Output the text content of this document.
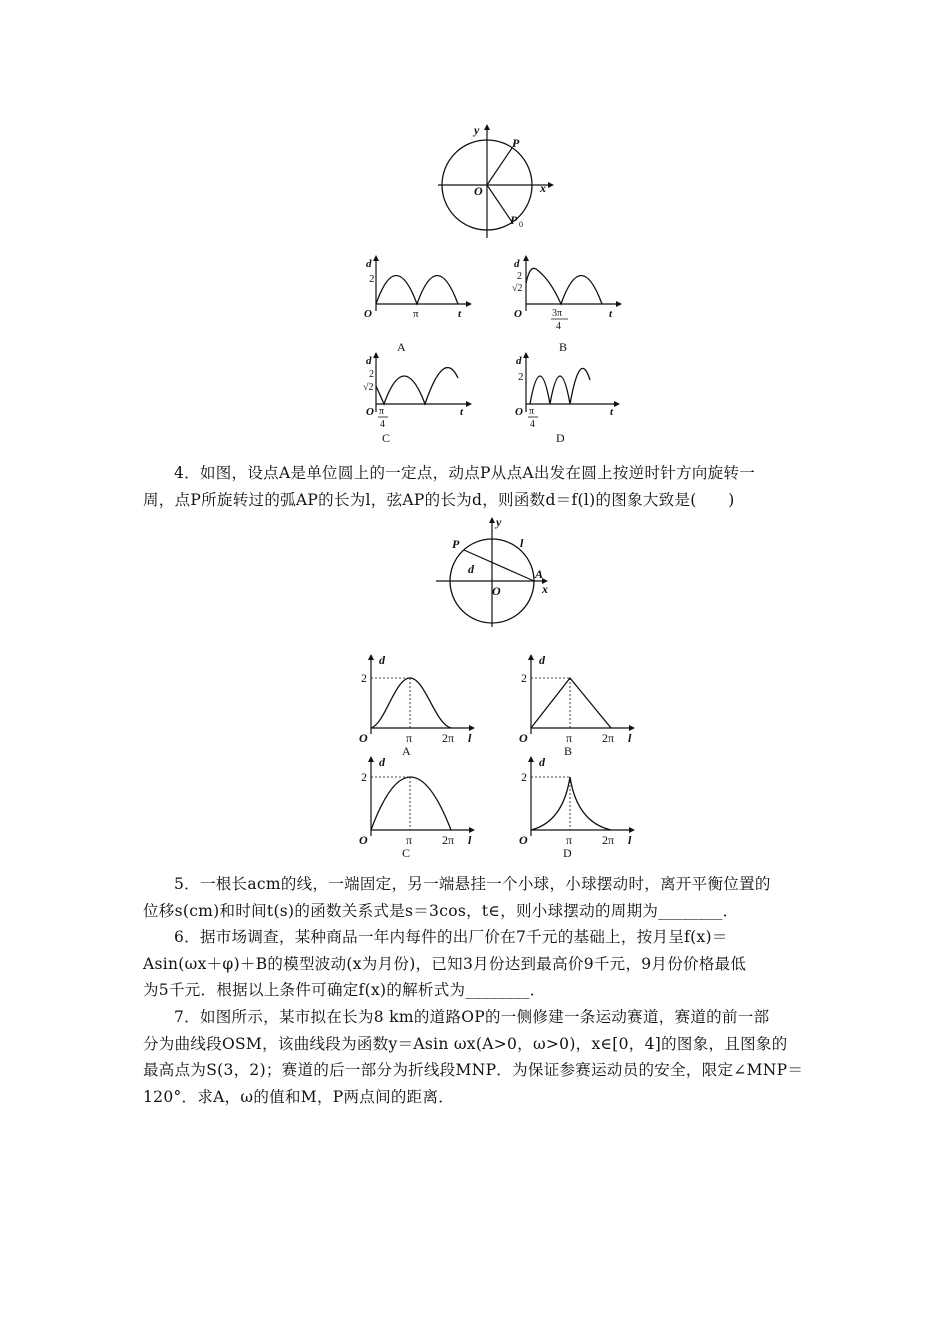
y
x
O
P
P 0
d
2
O	π	t
A
d
2
√2
O	3π
4
t
B
d
2
√2
O π
4
t
C
d
2
O π
4
t
D

4．如图，设点A是单位圆上的一定点，动点P从点A出发在圆上按逆时针方向旋转一

周，点P所旋转过的弧AP的长为l，弦AP的长为d，则函数d＝f(l)的图象大致是(　　)

y
x
O
P
A
d
l
d
2
O	π 2π l
A
d
2
O	π 2π l
B
d
2
O	π 2π l
C
d
2
O	π 2π l
D

5．一根长acm的线，一端固定，另一端悬挂一个小球，小球摆动时，离开平衡位置的

位移s(cm)和时间t(s)的函数关系式是s＝3cos，t∈，则小球摆动的周期为________．

6．据市场调查，某种商品一年内每件的出厂价在7千元的基础上，按月呈f(x)＝

Asin(ωx＋φ)＋B的模型波动(x为月份)，已知3月份达到最高价9千元，9月份价格最低

为5千元．根据以上条件可确定f(x)的解析式为________．

7．如图所示，某市拟在长为8 km的道路OP的一侧修建一条运动赛道，赛道的前一部

分为曲线段OSM，该曲线段为函数y＝Asin ωx(A>0，ω>0)，x∈[0，4]的图象，且图象的

最高点为S(3，2)；赛道的后一部分为折线段MNP．为保证参赛运动员的安全，限定∠MNP＝

120°．求A，ω的值和M，P两点间的距离．
